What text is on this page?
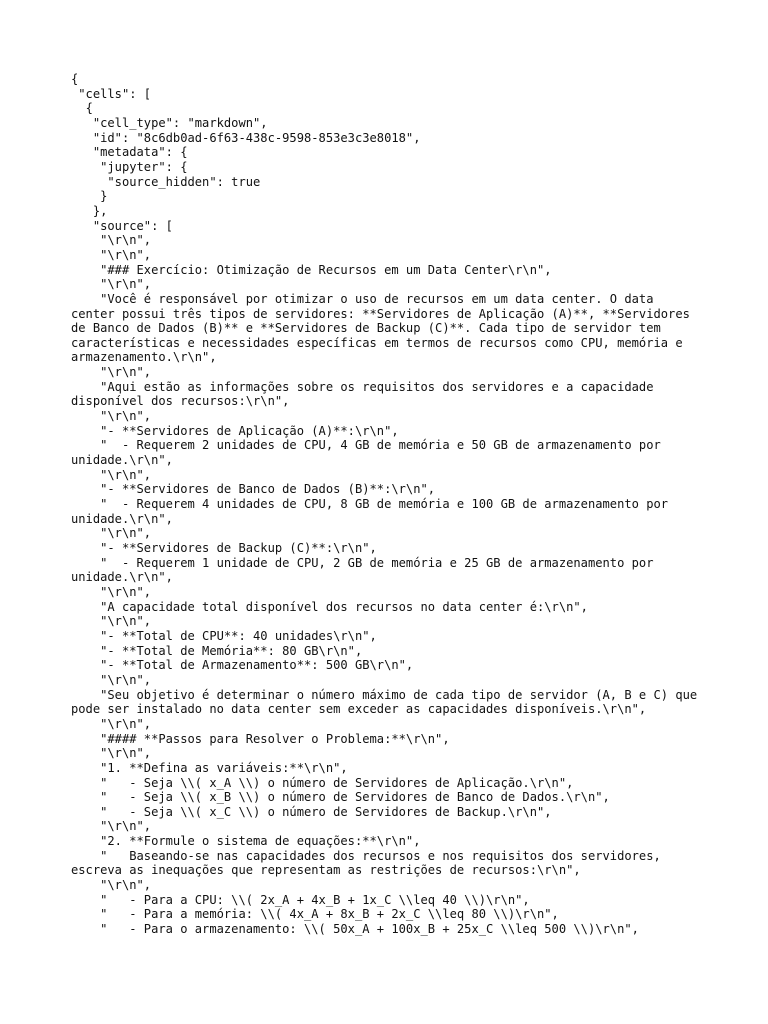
{
"cells": [
{
"cell_type": "markdown",
"id": "8c6db0ad-6f63-438c-9598-853e3c3e8018",
"metadata": {
"jupyter": {
"source_hidden": true
}
},
"source": [
"\r\n",
"\r\n",
"### Exercício: Otimização de Recursos em um Data Center\r\n",
"\r\n",
"Você é responsável por otimizar o uso de recursos em um data center. O data center possui três tipos de servidores: **Servidores de Aplicação (A)**, **Servidores de Banco de Dados (B)** e **Servidores de Backup (C)**. Cada tipo de servidor tem características e necessidades específicas em termos de recursos como CPU, memória e armazenamento.\r\n",
"\r\n",
"Aqui estão as informações sobre os requisitos dos servidores e a capacidade disponível dos recursos:\r\n",
"\r\n",
"- **Servidores de Aplicação (A)**:\r\n",
"  - Requerem 2 unidades de CPU, 4 GB de memória e 50 GB de armazenamento por unidade.\r\n",
"\r\n",
"- **Servidores de Banco de Dados (B)**:\r\n",
"  - Requerem 4 unidades de CPU, 8 GB de memória e 100 GB de armazenamento por unidade.\r\n",
"\r\n",
"- **Servidores de Backup (C)**:\r\n",
"  - Requerem 1 unidade de CPU, 2 GB de memória e 25 GB de armazenamento por unidade.\r\n",
"\r\n",
"A capacidade total disponível dos recursos no data center é:\r\n",
"\r\n",
"- **Total de CPU**: 40 unidades\r\n",
"- **Total de Memória**: 80 GB\r\n",
"- **Total de Armazenamento**: 500 GB\r\n",
"\r\n",
"Seu objetivo é determinar o número máximo de cada tipo de servidor (A, B e C) que pode ser instalado no data center sem exceder as capacidades disponíveis.\r\n",
"\r\n",
"#### **Passos para Resolver o Problema:**\r\n",
"\r\n",
"1. **Defina as variáveis:**\r\n",
"   - Seja \\( x_A \\) o número de Servidores de Aplicação.\r\n",
"   - Seja \\( x_B \\) o número de Servidores de Banco de Dados.\r\n",
"   - Seja \\( x_C \\) o número de Servidores de Backup.\r\n",
"\r\n",
"2. **Formule o sistema de equações:**\r\n",
"   Baseando-se nas capacidades dos recursos e nos requisitos dos servidores, escreva as inequações que representam as restrições de recursos:\r\n",
"\r\n",
"   - Para a CPU: \\( 2x_A + 4x_B + 1x_C \\leq 40 \\)\r\n",
"   - Para a memória: \\( 4x_A + 8x_B + 2x_C \\leq 80 \\)\r\n",
"   - Para o armazenamento: \\( 50x_A + 100x_B + 25x_C \\leq 500 \\)\r\n",
